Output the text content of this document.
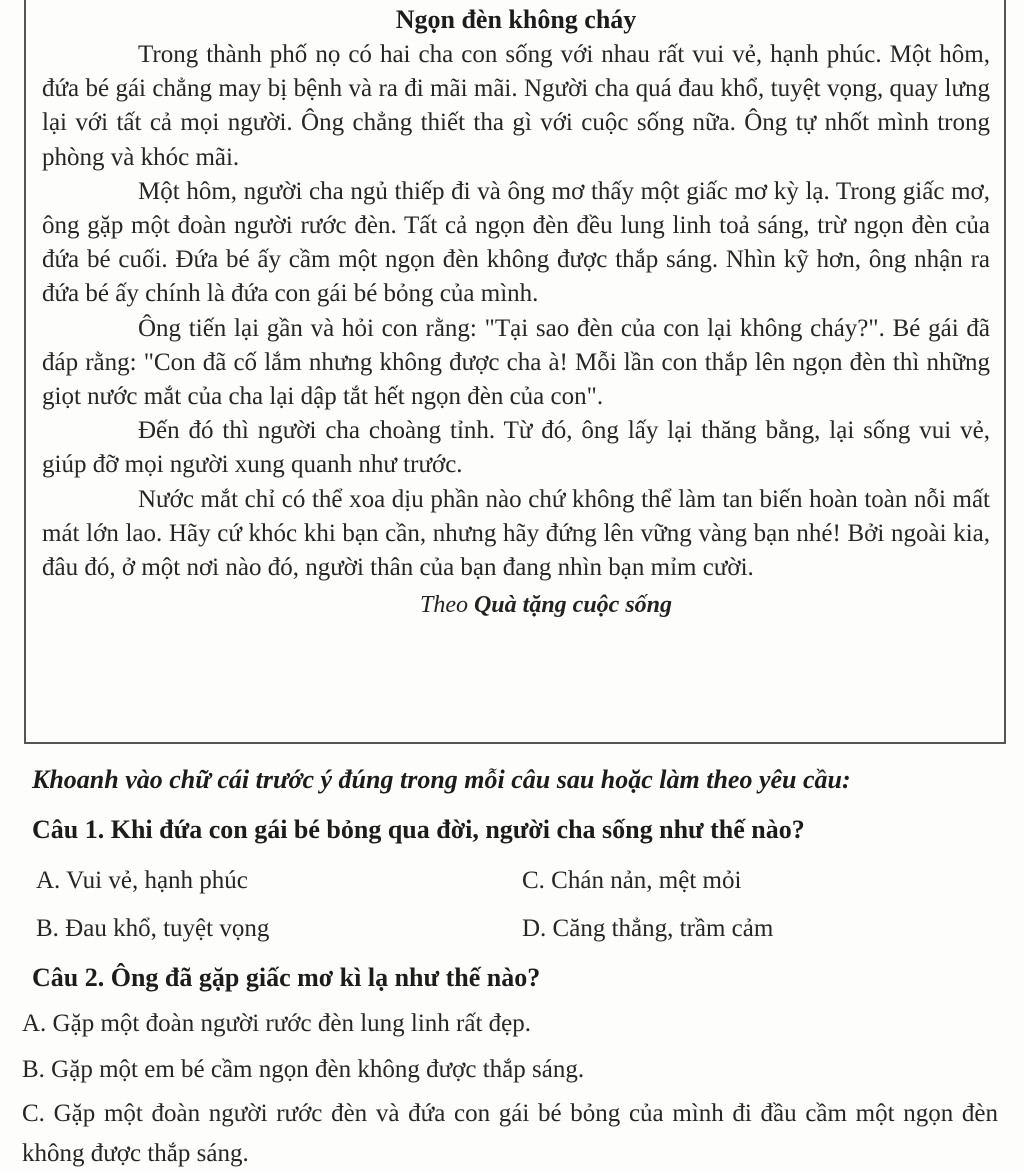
Ngọn đèn không cháy

Trong thành phố nọ có hai cha con sống với nhau rất vui vẻ, hạnh phúc. Một hôm, đứa bé gái chẳng may bị bệnh và ra đi mãi mãi. Người cha quá đau khổ, tuyệt vọng, quay lưng lại với tất cả mọi người. Ông chẳng thiết tha gì với cuộc sống nữa. Ông tự nhốt mình trong phòng và khóc mãi.

Một hôm, người cha ngủ thiếp đi và ông mơ thấy một giấc mơ kỳ lạ. Trong giấc mơ, ông gặp một đoàn người rước đèn. Tất cả ngọn đèn đều lung linh toả sáng, trừ ngọn đèn của đứa bé cuối. Đứa bé ấy cầm một ngọn đèn không được thắp sáng. Nhìn kỹ hơn, ông nhận ra đứa bé ấy chính là đứa con gái bé bỏng của mình.

Ông tiến lại gần và hỏi con rằng: "Tại sao đèn của con lại không cháy?". Bé gái đã đáp rằng: "Con đã cố lắm nhưng không được cha à! Mỗi lần con thắp lên ngọn đèn thì những giọt nước mắt của cha lại dập tắt hết ngọn đèn của con".

Đến đó thì người cha choàng tỉnh. Từ đó, ông lấy lại thăng bằng, lại sống vui vẻ, giúp đỡ mọi người xung quanh như trước.

Nước mắt chỉ có thể xoa dịu phần nào chứ không thể làm tan biến hoàn toàn nỗi mất mát lớn lao. Hãy cứ khóc khi bạn cần, nhưng hãy đứng lên vững vàng bạn nhé! Bởi ngoài kia, đâu đó, ở một nơi nào đó, người thân của bạn đang nhìn bạn mỉm cười.

Theo Quà tặng cuộc sống

Khoanh vào chữ cái trước ý đúng trong mỗi câu sau hoặc làm theo yêu cầu:

Câu 1. Khi đứa con gái bé bỏng qua đời, người cha sống như thế nào?

A. Vui vẻ, hạnh phúc	C. Chán nản, mệt mỏi

B. Đau khổ, tuyệt vọng	D. Căng thẳng, trầm cảm

Câu 2. Ông đã gặp giấc mơ kì lạ như thế nào?

A. Gặp một đoàn người rước đèn lung linh rất đẹp.

B. Gặp một em bé cầm ngọn đèn không được thắp sáng.

C. Gặp một đoàn người rước đèn và đứa con gái bé bỏng của mình đi đầu cầm một ngọn đèn không được thắp sáng.
